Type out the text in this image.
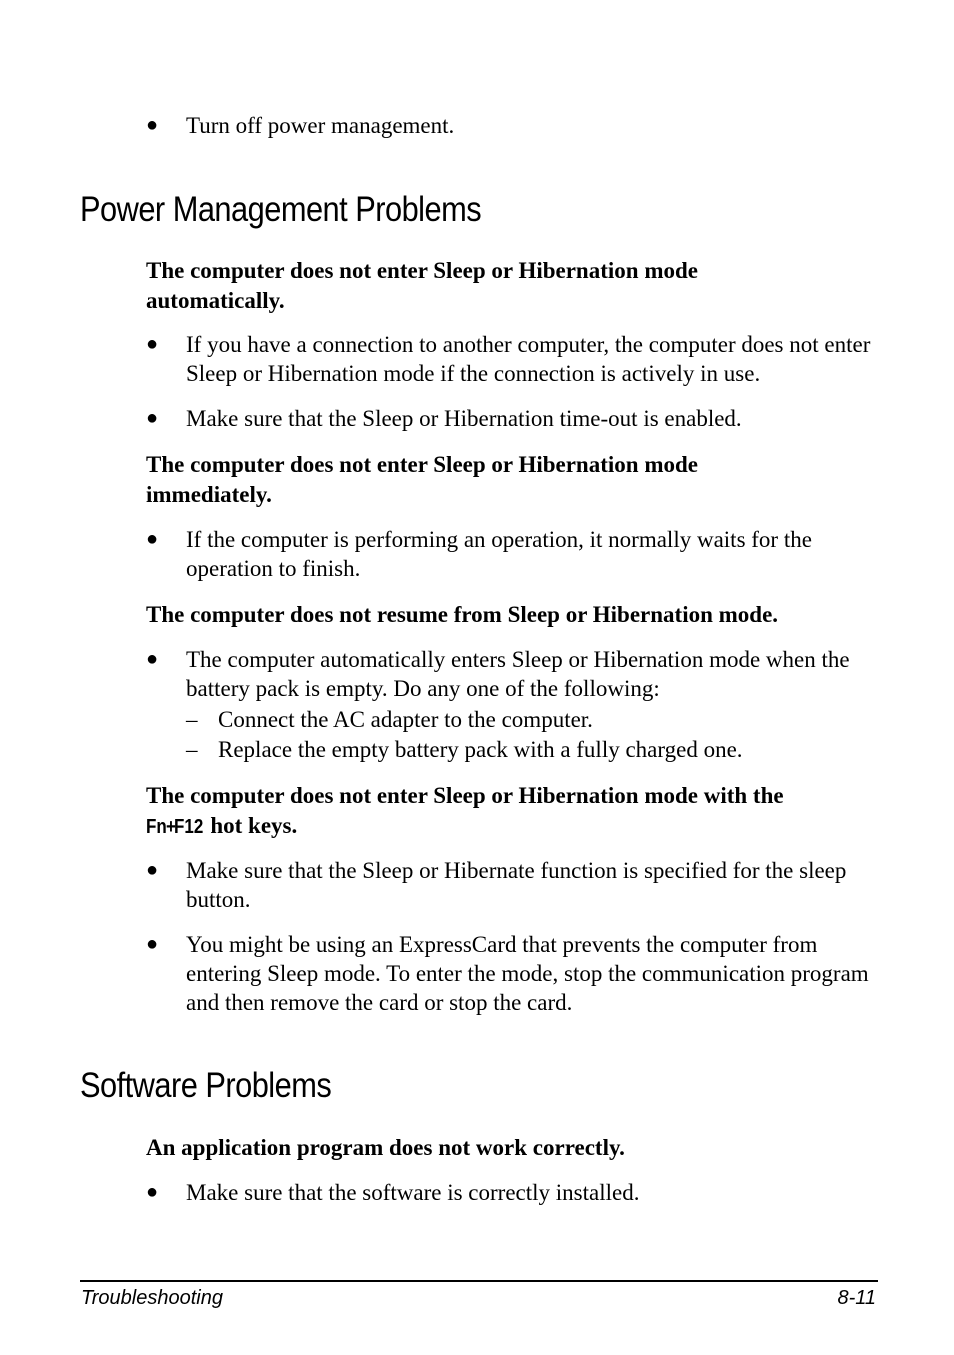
● Turn off power management.
Power Management Problems
The computer does not enter Sleep or Hibernation mode automatically.
● If you have a connection to another computer, the computer does not enter Sleep or Hibernation mode if the connection is actively in use.
● Make sure that the Sleep or Hibernation time-out is enabled.
The computer does not enter Sleep or Hibernation mode immediately.
● If the computer is performing an operation, it normally waits for the operation to finish.
The computer does not resume from Sleep or Hibernation mode.
● The computer automatically enters Sleep or Hibernation mode when the battery pack is empty. Do any one of the following:
– Connect the AC adapter to the computer.
– Replace the empty battery pack with a fully charged one.
The computer does not enter Sleep or Hibernation mode with the
Fn+F12 hot keys.
● Make sure that the Sleep or Hibernate function is specified for the sleep button.
● You might be using an ExpressCard that prevents the computer from entering Sleep mode. To enter the mode, stop the communication program and then remove the card or stop the card.
Software Problems
An application program does not work correctly.
● Make sure that the software is correctly installed.
Troubleshooting	8-11
